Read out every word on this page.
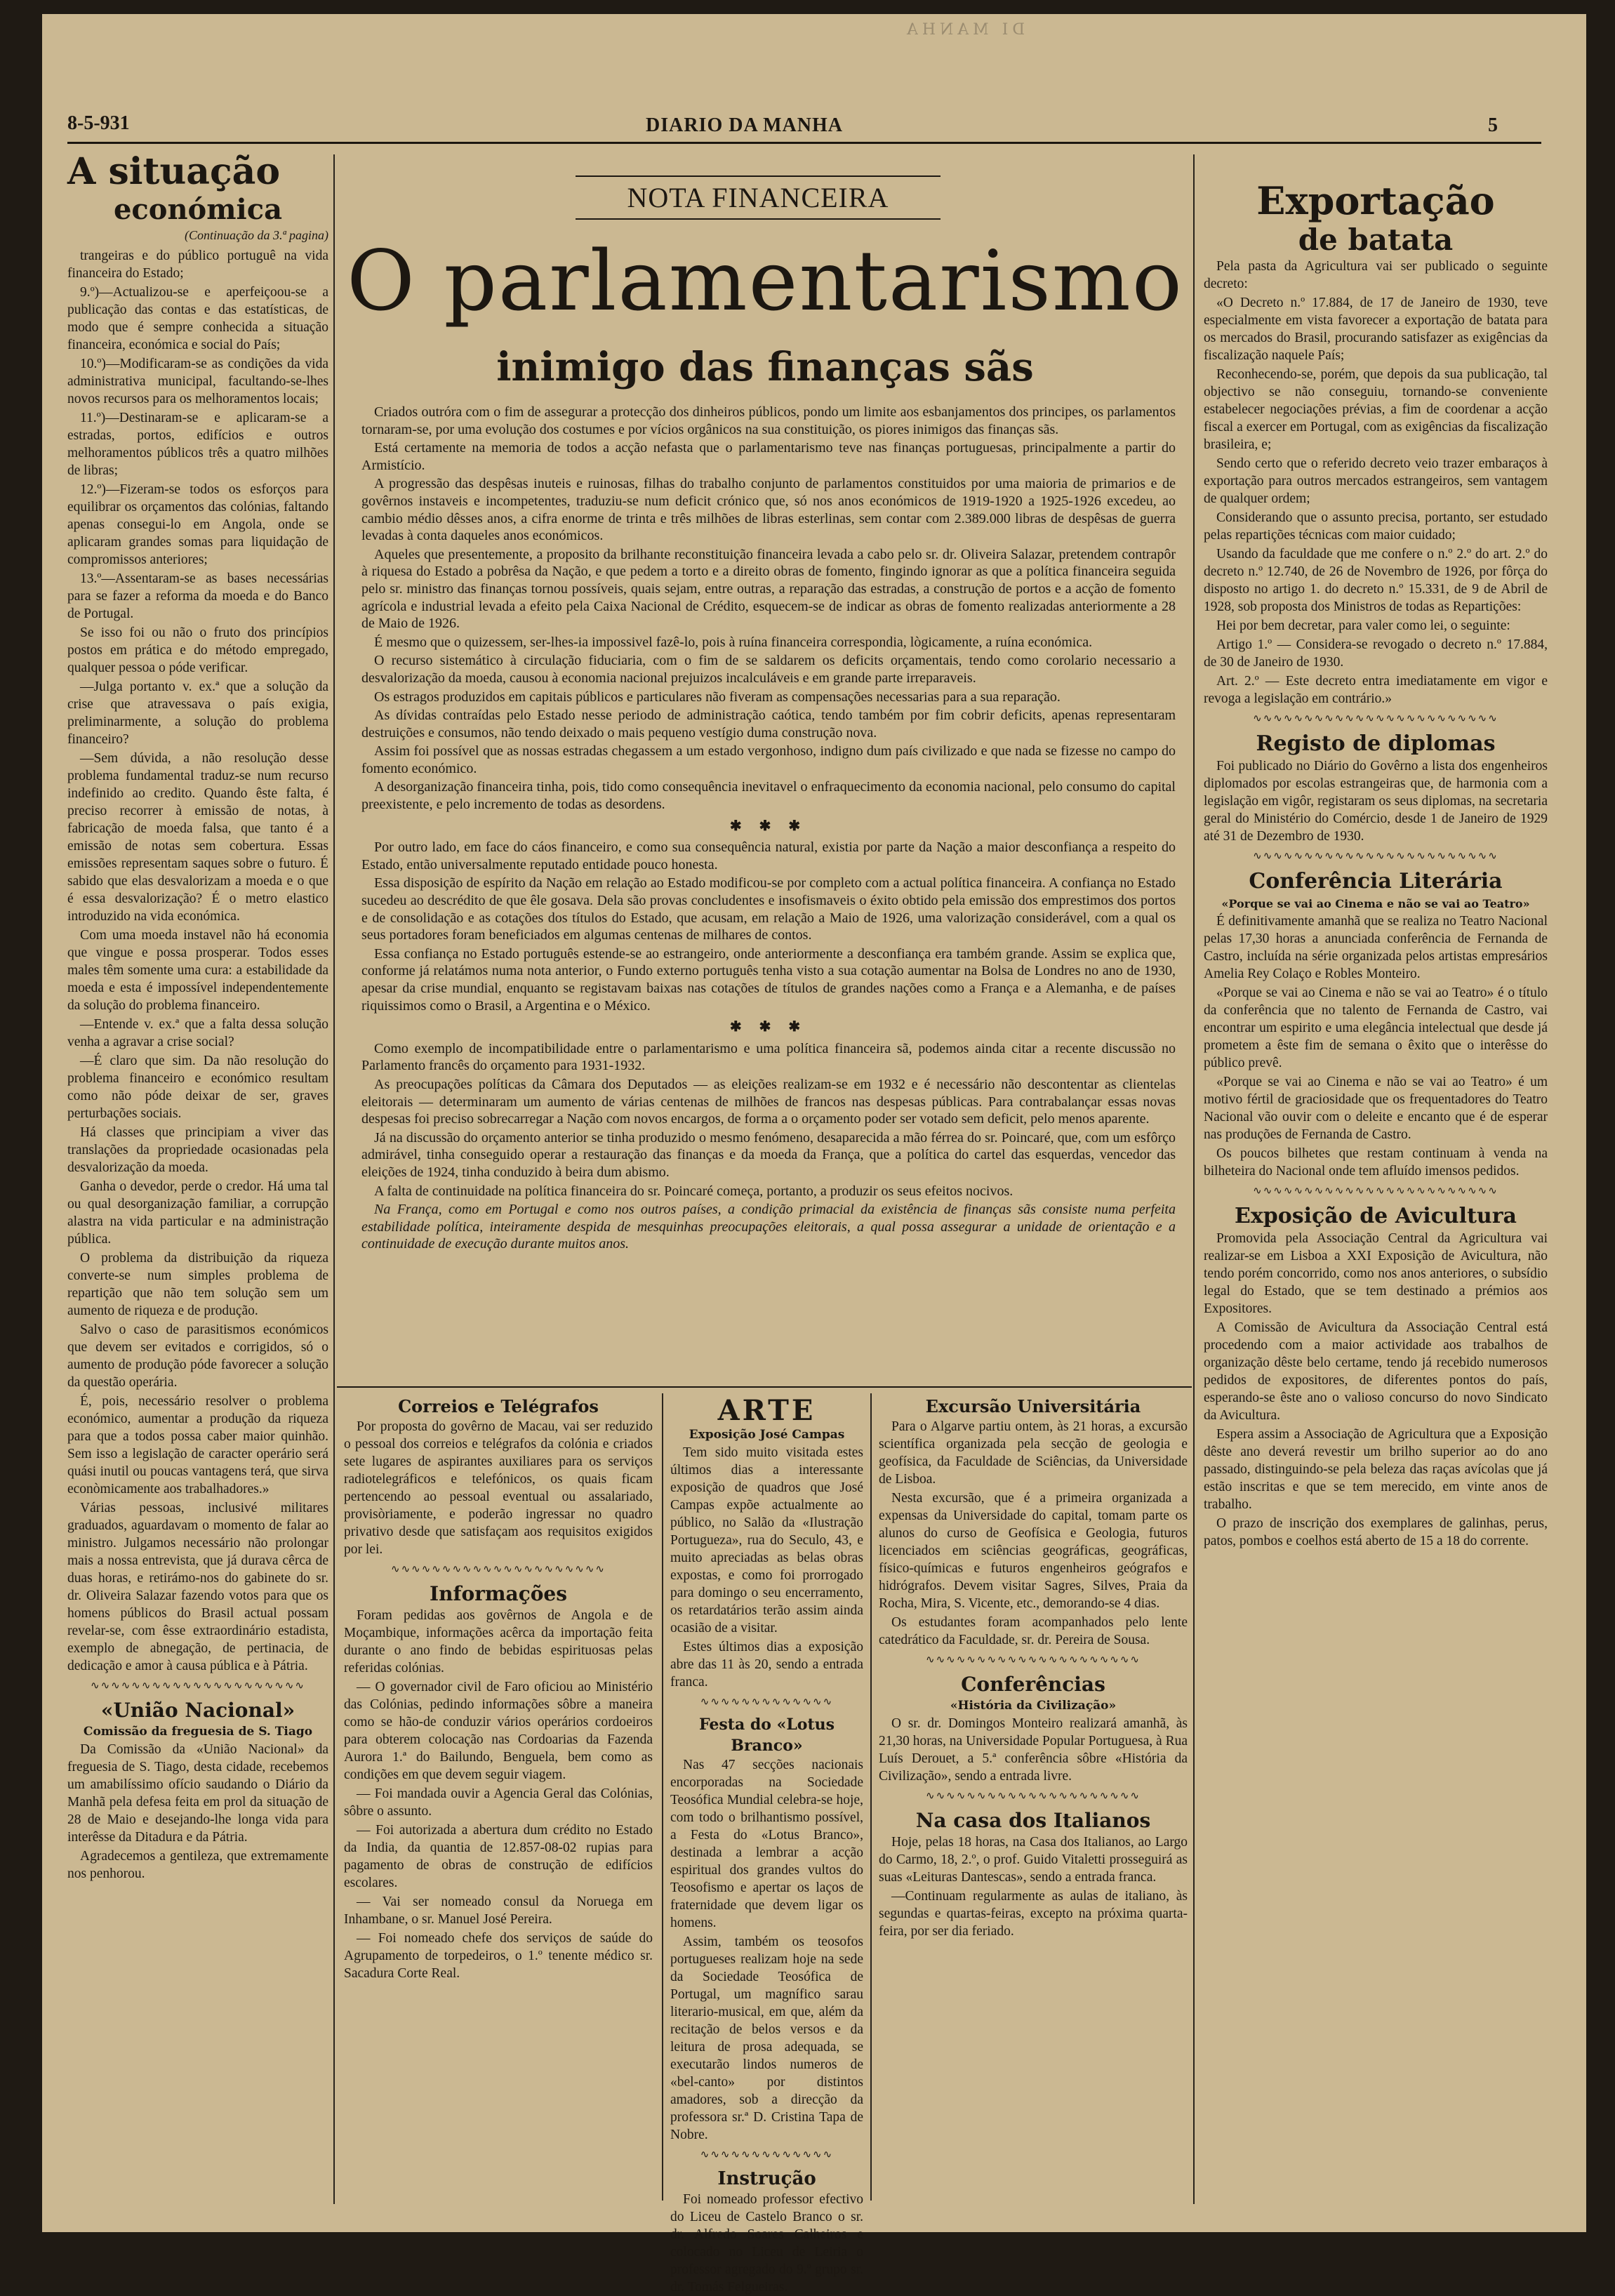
DI MANHA
8-5-931	DIARIO DA MANHA	5
A situação
económica
(Continuação da 3.ª pagina)

trangeiras e do público portuguê na vida financeira do Estado;

9.º)—Actualizou-se e aperfeiçoou-se a publicação das contas e das estatísticas, de modo que é sempre conhecida a situação financeira, económica e social do País;

10.º)—Modificaram-se as condições da vida administrativa municipal, facultando-se-lhes novos recursos para os melhoramentos locais;

11.º)—Destinaram-se e aplicaram-se a estradas, portos, edifícios e outros melhoramentos públicos três a quatro milhões de libras;

12.º)—Fizeram-se todos os esforços para equilibrar os orçamentos das colónias, faltando apenas consegui-lo em Angola, onde se aplicaram grandes somas para liquidação de compromissos anteriores;

13.º—Assentaram-se as bases necessárias para se fazer a reforma da moeda e do Banco de Portugal.

Se isso foi ou não o fruto dos princípios postos em prática e do método empregado, qualquer pessoa o póde verificar.

—Julga portanto v. ex.ª que a solução da crise que atravessava o país exigia, preliminarmente, a solução do problema financeiro?

—Sem dúvida, a não resolução desse problema fundamental traduz-se num recurso indefinido ao credito. Quando êste falta, é preciso recorrer à emissão de notas, à fabricação de moeda falsa, que tanto é a emissão de notas sem cobertura. Essas emissões representam saques sobre o futuro. É sabido que elas desvalorizam a moeda e o que é essa desvalorização? É o metro elastico introduzido na vida económica.

Com uma moeda instavel não há economia que vingue e possa prosperar. Todos esses males têm somente uma cura: a estabilidade da moeda e esta é impossível independentemente da solução do problema financeiro.

—Entende v. ex.ª que a falta dessa solução venha a agravar a crise social?

—É claro que sim. Da não resolução do problema financeiro e económico resultam como não póde deixar de ser, graves perturbações sociais.

Há classes que principiam a viver das translações da propriedade ocasionadas pela desvalorização da moeda.

Ganha o devedor, perde o credor. Há uma tal ou qual desorganização familiar, a corrupção alastra na vida particular e na administração pública.

O problema da distribuição da riqueza converte-se num simples problema de repartição que não tem solução sem um aumento de riqueza e de produção.

Salvo o caso de parasitismos económicos que devem ser evitados e corrigidos, só o aumento de produção póde favorecer a solução da questão operária.

É, pois, necessário resolver o problema económico, aumentar a produção da riqueza para que a todos possa caber maior quinhão. Sem isso a legislação de caracter operário será quási inutil ou poucas vantagens terá, que sirva econòmicamente aos trabalhadores.»

Várias pessoas, inclusivé militares graduados, aguardavam o momento de falar ao ministro. Julgamos necessário não prolongar mais a nossa entrevista, que já durava cêrca de duas horas, e retirámo-nos do gabinete do sr. dr. Oliveira Salazar fazendo votos para que os homens públicos do Brasil actual possam revelar-se, com êsse extraordinário estadista, exemplo de abnegação, de pertinacia, de dedicação e amor à causa pública e à Pátria.

∿∿∿∿∿∿∿∿∿∿∿∿∿∿∿∿∿∿∿∿∿
«União Nacional»
Comissão da freguesia de S. Tiago

Da Comissão da «União Nacional» da freguesia de S. Tiago, desta cidade, recebemos um amabilíssimo ofício saudando o Diário da Manhã pela defesa feita em prol da situação de 28 de Maio e desejando-lhe longa vida para interêsse da Ditadura e da Pátria.

Agradecemos a gentileza, que extremamente nos penhorou.

NOTA FINANCEIRA
O parlamentarismo
inimigo das finanças sãs

Criados outróra com o fim de assegurar a protecção dos dinheiros públicos, pondo um limite aos esbanjamentos dos principes, os parlamentos tornaram-se, por uma evolução dos costumes e por vícios orgânicos na sua constituição, os piores inimigos das finanças sãs.

Está certamente na memoria de todos a acção nefasta que o parlamentarismo teve nas finanças portuguesas, principalmente a partir do Armistício.

A progressão das despêsas inuteis e ruinosas, filhas do trabalho conjunto de parlamentos constituidos por uma maioria de primarios e de govêrnos instaveis e incompetentes, traduziu-se num deficit crónico que, só nos anos económicos de 1919-1920 a 1925-1926 excedeu, ao cambio médio dêsses anos, a cifra enorme de trinta e três milhões de libras esterlinas, sem contar com 2.389.000 libras de despêsas de guerra levadas à conta daqueles anos económicos.

Aqueles que presentemente, a proposito da brilhante reconstituição financeira levada a cabo pelo sr. dr. Oliveira Salazar, pretendem contrapôr à riquesa do Estado a pobrêsa da Nação, e que pedem a torto e a direito obras de fomento, fingindo ignorar as que a política financeira seguida pelo sr. ministro das finanças tornou possíveis, quais sejam, entre outras, a reparação das estradas, a construção de portos e a acção de fomento agrícola e industrial levada a efeito pela Caixa Nacional de Crédito, esquecem-se de indicar as obras de fomento realizadas anteriormente a 28 de Maio de 1926.

É mesmo que o quizessem, ser-lhes-ia impossivel fazê-lo, pois à ruína financeira correspondia, lògicamente, a ruína económica.

O recurso sistemático à circulação fiduciaria, com o fim de se saldarem os deficits orçamentais, tendo como corolario necessario a desvalorização da moeda, causou à economia nacional prejuizos incalculáveis e em grande parte irreparaveis.

Os estragos produzidos em capitais públicos e particulares não fiveram as compensações necessarias para a sua reparação.

As dívidas contraídas pelo Estado nesse periodo de administração caótica, tendo também por fim cobrir deficits, apenas representaram destruições e consumos, não tendo deixado o mais pequeno vestígio duma construção nova.

Assim foi possível que as nossas estradas chegassem a um estado vergonhoso, indigno dum país civilizado e que nada se fizesse no campo do fomento económico.

A desorganização financeira tinha, pois, tido como consequência inevitavel o enfraquecimento da economia nacional, pelo consumo do capital preexistente, e pelo incremento de todas as desordens.

✱ ✱ ✱

Por outro lado, em face do cáos financeiro, e como sua consequência natural, existia por parte da Nação a maior desconfiança a respeito do Estado, então universalmente reputado entidade pouco honesta.

Essa disposição de espírito da Nação em relação ao Estado modificou-se por completo com a actual política financeira. A confiança no Estado sucedeu ao descrédito de que êle gosava. Dela são provas concludentes e insofismaveis o éxito obtido pela emissão dos emprestimos dos portos e de consolidação e as cotações dos títulos do Estado, que acusam, em relação a Maio de 1926, uma valorização considerável, com a qual os seus portadores foram beneficiados em algumas centenas de milhares de contos.

Essa confiança no Estado português estende-se ao estrangeiro, onde anteriormente a desconfiança era também grande. Assim se explica que, conforme já relatámos numa nota anterior, o Fundo externo português tenha visto a sua cotação aumentar na Bolsa de Londres no ano de 1930, apesar da crise mundial, enquanto se registavam baixas nas cotações de títulos de grandes nações como a França e a Alemanha, e de países riquissimos como o Brasil, a Argentina e o México.

✱ ✱ ✱

Como exemplo de incompatibilidade entre o parlamentarismo e uma política financeira sã, podemos ainda citar a recente discussão no Parlamento francês do orçamento para 1931-1932.

As preocupações políticas da Câmara dos Deputados — as eleições realizam-se em 1932 e é necessário não descontentar as clientelas eleitorais — determinaram um aumento de várias centenas de milhões de francos nas despesas públicas. Para contrabalançar essas novas despesas foi preciso sobrecarregar a Nação com novos encargos, de forma a o orçamento poder ser votado sem deficit, pelo menos aparente.

Já na discussão do orçamento anterior se tinha produzido o mesmo fenómeno, desaparecida a mão férrea do sr. Poincaré, que, com um esfôrço admirável, tinha conseguido operar a restauração das finanças e da moeda da França, que a política do cartel das esquerdas, vencedor das eleições de 1924, tinha conduzido à beira dum abismo.

A falta de continuidade na política financeira do sr. Poincaré começa, portanto, a produzir os seus efeitos nocivos.

Na França, como em Portugal e como nos outros países, a condição primacial da existência de finanças sãs consiste numa perfeita estabilidade política, inteiramente despida de mesquinhas preocupações eleitorais, a qual possa assegurar a unidade de orientação e a continuidade de execução durante muitos anos.

Exportação
de batata

Pela pasta da Agricultura vai ser publicado o seguinte decreto:

«O Decreto n.º 17.884, de 17 de Janeiro de 1930, teve especialmente em vista favorecer a exportação de batata para os mercados do Brasil, procurando satisfazer as exigências da fiscalização naquele País;

Reconhecendo-se, porém, que depois da sua publicação, tal objectivo se não conseguiu, tornando-se conveniente estabelecer negociações prévias, a fim de coordenar a acção fiscal a exercer em Portugal, com as exigências da fiscalização brasileira, e;

Sendo certo que o referido decreto veio trazer embaraços à exportação para outros mercados estrangeiros, sem vantagem de qualquer ordem;

Considerando que o assunto precisa, portanto, ser estudado pelas repartições técnicas com maior cuidado;

Usando da faculdade que me confere o n.º 2.º do art. 2.º do decreto n.º 12.740, de 26 de Novembro de 1926, por fôrça do disposto no artigo 1. do decreto n.º 15.331, de 9 de Abril de 1928, sob proposta dos Ministros de todas as Repartições:

Hei por bem decretar, para valer como lei, o seguinte:

Artigo 1.º — Considera-se revogado o decreto n.º 17.884, de 30 de Janeiro de 1930.

Art. 2.º — Este decreto entra imediatamente em vigor e revoga a legislação em contrário.»

∿∿∿∿∿∿∿∿∿∿∿∿∿∿∿∿∿∿∿∿∿∿∿∿
Registo de diplomas

Foi publicado no Diário do Govêrno a lista dos engenheiros diplomados por escolas estrangeiras que, de harmonia com a legislação em vigôr, registaram os seus diplomas, na secretaria geral do Ministério do Comércio, desde 1 de Janeiro de 1929 até 31 de Dezembro de 1930.

∿∿∿∿∿∿∿∿∿∿∿∿∿∿∿∿∿∿∿∿∿∿∿∿
Conferência Literária
«Porque se vai ao Cinema e não se vai ao Teatro»

É definitivamente amanhã que se realiza no Teatro Nacional pelas 17,30 horas a anunciada conferência de Fernanda de Castro, incluída na série organizada pelos artistas empresários Amelia Rey Colaço e Robles Monteiro.

«Porque se vai ao Cinema e não se vai ao Teatro» é o título da conferência que no talento de Fernanda de Castro, vai encontrar um espirito e uma elegância intelectual que desde já prometem a êste fim de semana o êxito que o interêsse do público prevê.

«Porque se vai ao Cinema e não se vai ao Teatro» é um motivo fértil de graciosidade que os frequentadores do Teatro Nacional vão ouvir com o deleite e encanto que é de esperar nas produções de Fernanda de Castro.

Os poucos bilhetes que restam continuam à venda na bilheteira do Nacional onde tem afluído imensos pedidos.

∿∿∿∿∿∿∿∿∿∿∿∿∿∿∿∿∿∿∿∿∿∿∿∿
Exposição de Avicultura

Promovida pela Associação Central da Agricultura vai realizar-se em Lisboa a XXI Exposição de Avicultura, não tendo porém concorrido, como nos anos anteriores, o subsídio legal do Estado, que se tem destinado a prémios aos Expositores.

A Comissão de Avicultura da Associação Central está procedendo com a maior actividade aos trabalhos de organização dêste belo certame, tendo já recebido numerosos pedidos de expositores, de diferentes pontos do país, esperando-se êste ano o valioso concurso do novo Sindicato da Avicultura.

Espera assim a Associação de Agricultura que a Exposição dêste ano deverá revestir um brilho superior ao do ano passado, distinguindo-se pela beleza das raças avícolas que já estão inscritas e que se tem merecido, em vinte anos de trabalho.

O prazo de inscrição dos exemplares de galinhas, perus, patos, pombos e coelhos está aberto de 15 a 18 do corrente.

Correios e Telégrafos

Por proposta do govêrno de Macau, vai ser reduzido o pessoal dos correios e telégrafos da colónia e criados sete lugares de aspirantes auxiliares para os serviços radiotelegráficos e telefónicos, os quais ficam pertencendo ao pessoal eventual ou assalariado, provisòriamente, e poderão ingressar no quadro privativo desde que satisfaçam aos requisitos exigidos por lei.

∿∿∿∿∿∿∿∿∿∿∿∿∿∿∿∿∿∿∿∿∿
Informações

Foram pedidas aos govêrnos de Angola e de Moçambique, informações acêrca da importação feita durante o ano findo de bebidas espirituosas pelas referidas colónias.

— O governador civil de Faro oficiou ao Ministério das Colónias, pedindo informações sôbre a maneira como se hão-de conduzir vários operários cordoeiros para obterem colocação nas Cordoarias da Fazenda Aurora 1.ª do Bailundo, Benguela, bem como as condições em que devem seguir viagem.

— Foi mandada ouvir a Agencia Geral das Colónias, sôbre o assunto.

— Foi autorizada a abertura dum crédito no Estado da India, da quantia de 12.857-08-02 rupias para pagamento de obras de construção de edifícios escolares.

— Vai ser nomeado consul da Noruega em Inhambane, o sr. Manuel José Pereira.

— Foi nomeado chefe dos serviços de saúde do Agrupamento de torpedeiros, o 1.º tenente médico sr. Sacadura Corte Real.

ARTE
Exposição José Campas

Tem sido muito visitada estes últimos dias a interessante exposição de quadros que José Campas expõe actualmente ao público, no Salão da «Ilustração Portugueza», rua do Seculo, 43, e muito apreciadas as belas obras expostas, e como foi prorrogado para domingo o seu encerramento, os retardatários terão assim ainda ocasião de a visitar.

Estes últimos dias a exposição abre das 11 às 20, sendo a entrada franca.

∿∿∿∿∿∿∿∿∿∿∿∿∿
Festa do «Lotus Branco»

Nas 47 secções nacionais encorporadas na Sociedade Teosófica Mundial celebra-se hoje, com todo o brilhantismo possível, a Festa do «Lotus Branco», destinada a lembrar a acção espiritual dos grandes vultos do Teosofismo e apertar os laços de fraternidade que devem ligar os homens.

Assim, também os teosofos portugueses realizam hoje na sede da Sociedade Teosófica de Portugal, um magnífico sarau literario-musical, em que, além da recitação de belos versos e da leitura de prosa adequada, se executarão lindos numeros de «bel-canto» por distintos amadores, sob a direcção da professora sr.ª D. Cristina Tapa de Nobre.

∿∿∿∿∿∿∿∿∿∿∿∿∿
Instrução

Foi nomeado professor efectivo do Liceu de Castelo Branco o sr. dr. Alfredo Soares Calheiros e colocado no Liceu de Leiria o professor agregado do 9.º grupo sr. dr. Tomás Felgueiras.

Excursão Universitária

Para o Algarve partiu ontem, às 21 horas, a excursão scientífica organizada pela secção de geologia e geofísica, da Faculdade de Sciências, da Universidade de Lisboa.

Nesta excursão, que é a primeira organizada a expensas da Universidade do capital, tomam parte os alunos do curso de Geofísica e Geologia, futuros licenciados em sciências geográficas, geográficas, físico-químicas e futuros engenheiros geógrafos e hidrógrafos. Devem visitar Sagres, Silves, Praia da Rocha, Mira, S. Vicente, etc., demorando-se 4 dias.

Os estudantes foram acompanhados pelo lente catedrático da Faculdade, sr. dr. Pereira de Sousa.

∿∿∿∿∿∿∿∿∿∿∿∿∿∿∿∿∿∿∿∿∿
Conferências
«História da Civilização»

O sr. dr. Domingos Monteiro realizará amanhã, às 21,30 horas, na Universidade Popular Portuguesa, à Rua Luís Derouet, a 5.ª conferência sôbre «História da Civilização», sendo a entrada livre.

∿∿∿∿∿∿∿∿∿∿∿∿∿∿∿∿∿∿∿∿∿
Na casa dos Italianos

Hoje, pelas 18 horas, na Casa dos Italianos, ao Largo do Carmo, 18, 2.º, o prof. Guido Vitaletti prosseguirá as suas «Leituras Dantescas», sendo a entrada franca.

—Continuam regularmente as aulas de italiano, às segundas e quartas-feiras, excepto na próxima quarta-feira, por ser dia feriado.
